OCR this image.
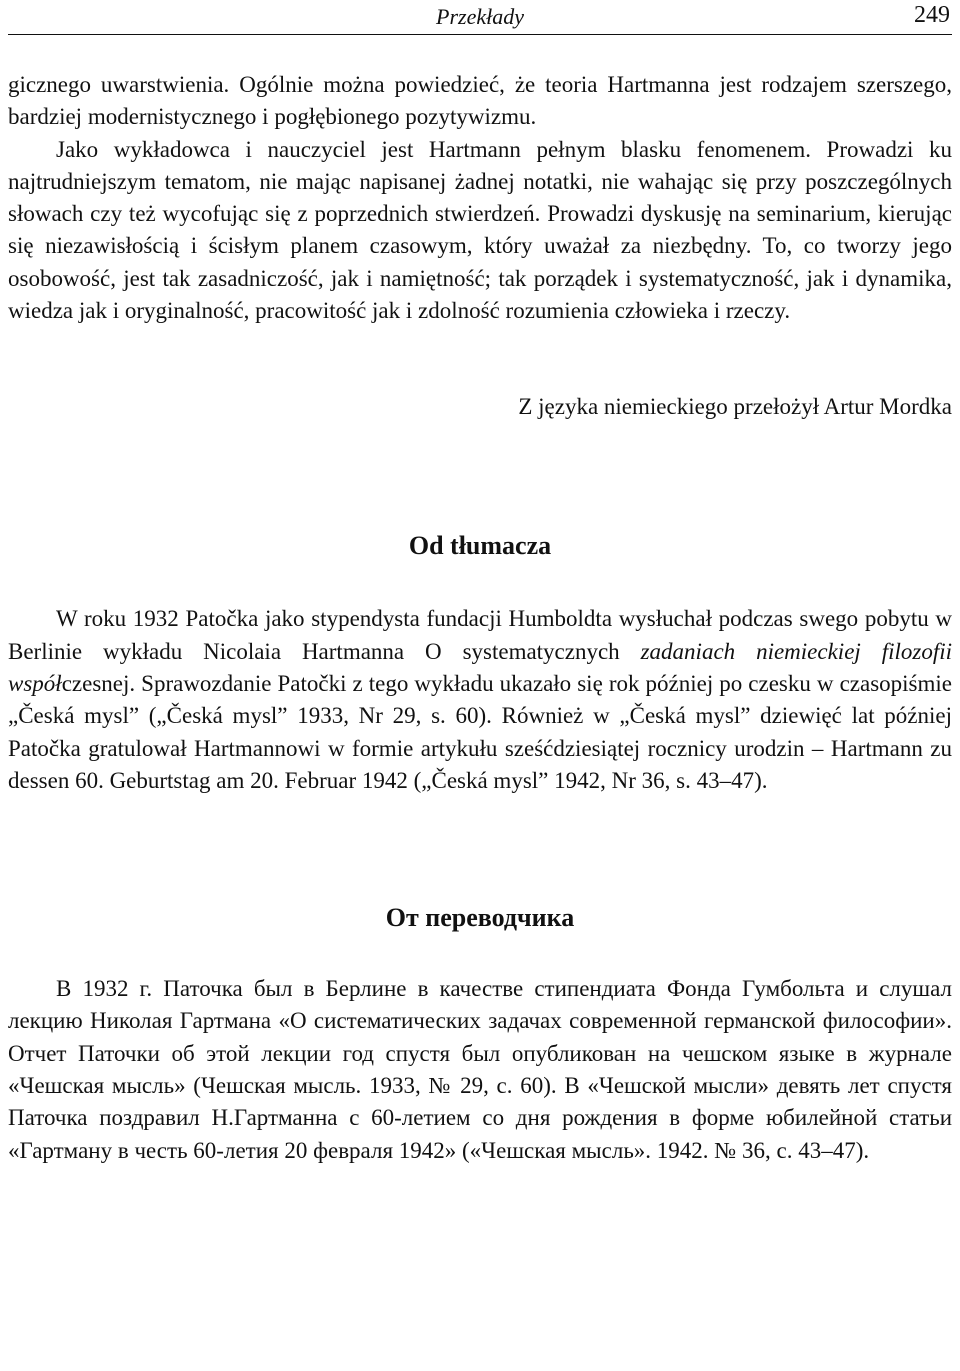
Przekłady	249

gicznego uwarstwienia. Ogólnie można powiedzieć, że teoria Hartmanna jest rodzajem szerszego, bardziej modernistycznego i pogłębionego pozytywizmu.

Jako wykładowca i nauczyciel jest Hartmann pełnym blasku fenomenem. Prowadzi ku najtrudniejszym tematom, nie mając napisanej żadnej notatki, nie wahając się przy poszczególnych słowach czy też wycofując się z poprzednich stwierdzeń. Prowadzi dyskusję na seminarium, kierując się niezawisłością i ścisłym planem czasowym, który uważał za niezbędny. To, co tworzy jego osobowość, jest tak zasadniczość, jak i namiętność; tak porządek i systematyczność, jak i dynamika, wiedza jak i oryginalność, pracowitość jak i zdolność rozumienia człowieka i rzeczy.

Z języka niemieckiego przełożył Artur Mordka
Od tłumacza

W roku 1932 Patočka jako stypendysta fundacji Humboldta wysłuchał podczas swego pobytu w Berlinie wykładu Nicolaia Hartmanna O systematycznych zadaniach niemieckiej filozofii współczesnej. Sprawozdanie Patočki z tego wykładu ukazało się rok później po czesku w czasopiśmie „Česká mysl” („Česká mysl” 1933, Nr 29, s. 60). Również w „Česká mysl” dziewięć lat później Patočka gratulował Hartmannowi w formie artykułu sześćdziesiątej rocznicy urodzin – Hartmann zu dessen 60. Geburtstag am 20. Februar 1942 („Česká mysl” 1942, Nr 36, s. 43–47).

От переводчика

В 1932 г. Паточка был в Берлине в качестве стипендиата Фонда Гумбольта и слушал лекцию Николая Гартмана «О систематических задачах современной германской философии». Отчет Паточки об этой лекции год спустя был опубликован на чешском языке в журнале «Чешская мысль» (Чешская мысль. 1933, № 29, с. 60). В «Чешской мысли» девять лет спустя Паточка поздравил Н.Гартманна с 60-летием со дня рождения в форме юбилейной статьи «Гартману в честь 60-летия 20 февраля 1942» («Чешская мысль». 1942. № 36, с. 43–47).
